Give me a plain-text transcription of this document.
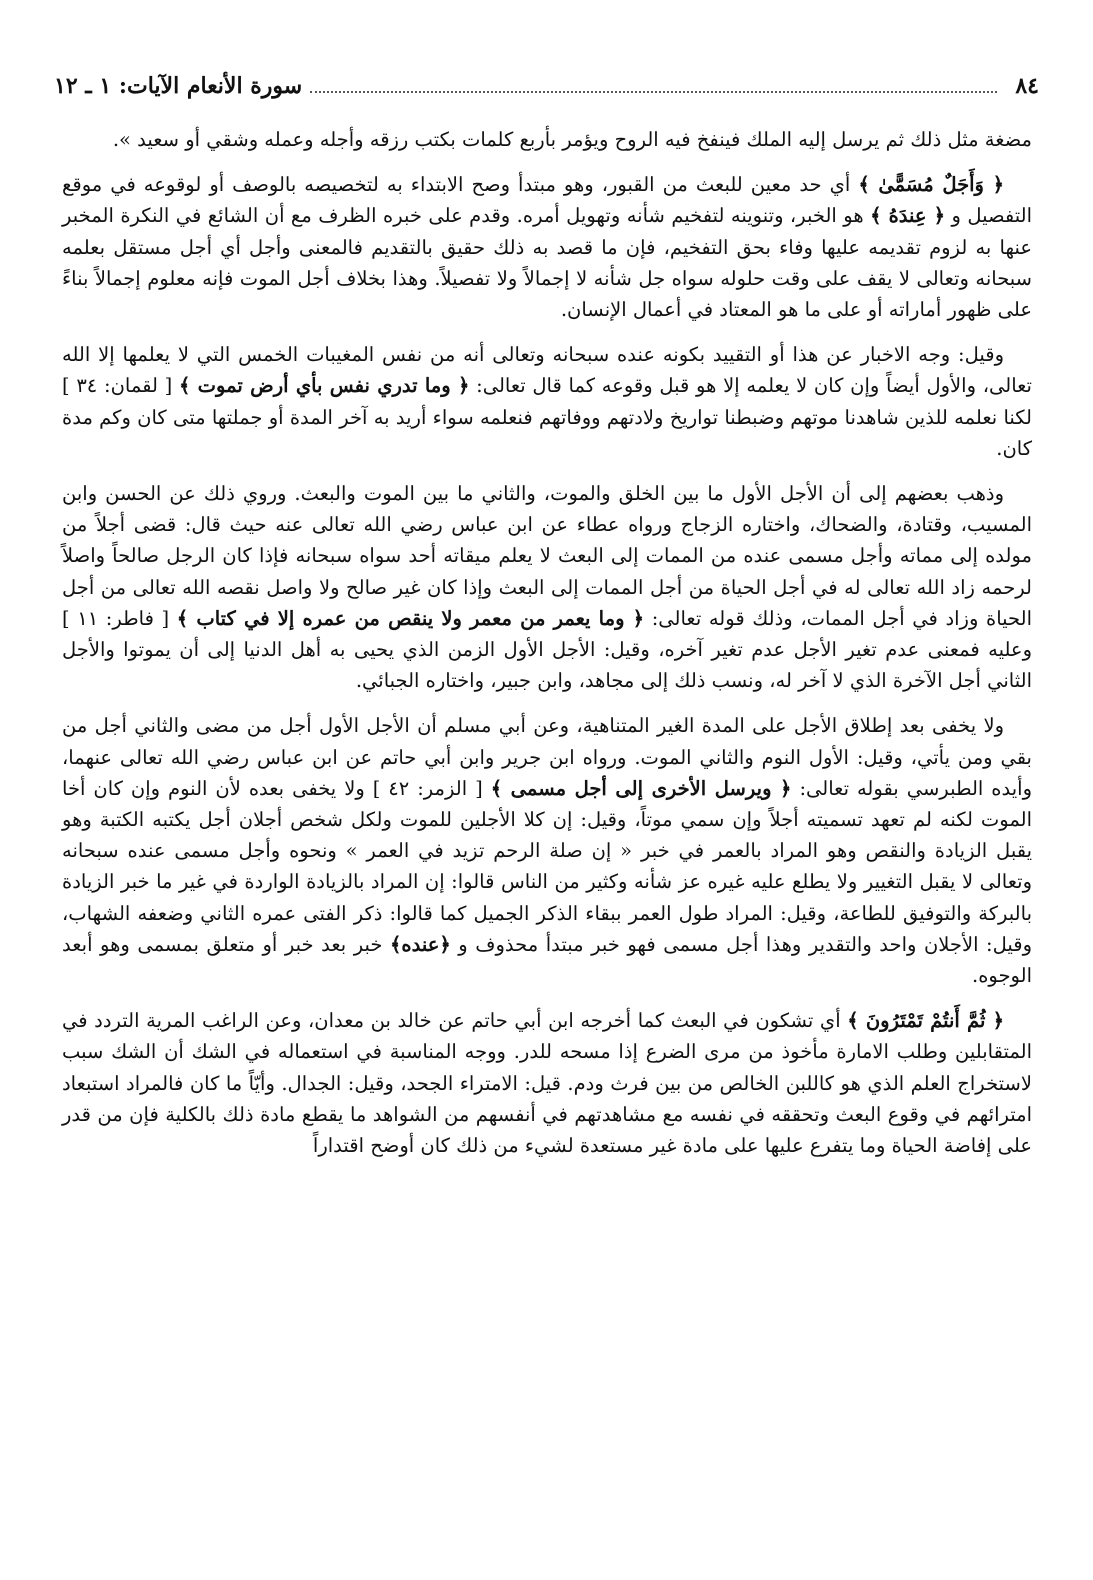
٨٤
سورة الأنعام الآيات: ١ ـ ١٢

مضغة مثل ذلك ثم يرسل إليه الملك فينفخ فيه الروح ويؤمر بأربع كلمات بكتب رزقه وأجله وعمله وشقي أو سعيد ».

﴿ وَأَجَلٌ مُسَمًّىٰ ﴾ أي حد معين للبعث من القبور، وهو مبتدأ وصح الابتداء به لتخصيصه بالوصف أو لوقوعه في موقع التفصيل و ﴿ عِندَهُ ﴾ هو الخبر، وتنوينه لتفخيم شأنه وتهويل أمره. وقدم على خبره الظرف مع أن الشائع في النكرة المخبر عنها به لزوم تقديمه عليها وفاء بحق التفخيم، فإن ما قصد به ذلك حقيق بالتقديم فالمعنى وأجل أي أجل مستقل بعلمه سبحانه وتعالى لا يقف على وقت حلوله سواه جل شأنه لا إجمالاً ولا تفصيلاً. وهذا بخلاف أجل الموت فإنه معلوم إجمالاً بناءً على ظهور أماراته أو على ما هو المعتاد في أعمال الإنسان.

وقيل: وجه الاخبار عن هذا أو التقييد بكونه عنده سبحانه وتعالى أنه من نفس المغيبات الخمس التي لا يعلمها إلا الله تعالى، والأول أيضاً وإن كان لا يعلمه إلا هو قبل وقوعه كما قال تعالى: ﴿ وما تدري نفس بأي أرض تموت ﴾ [ لقمان: ٣٤ ] لكنا نعلمه للذين شاهدنا موتهم وضبطنا تواريخ ولادتهم ووفاتهم فنعلمه سواء أريد به آخر المدة أو جملتها متى كان وكم مدة كان.

وذهب بعضهم إلى أن الأجل الأول ما بين الخلق والموت، والثاني ما بين الموت والبعث. وروي ذلك عن الحسن وابن المسيب، وقتادة، والضحاك، واختاره الزجاج ورواه عطاء عن ابن عباس رضي الله تعالى عنه حيث قال: قضى أجلاً من مولده إلى مماته وأجل مسمى عنده من الممات إلى البعث لا يعلم ميقاته أحد سواه سبحانه فإذا كان الرجل صالحاً واصلاً لرحمه زاد الله تعالى له في أجل الحياة من أجل الممات إلى البعث وإذا كان غير صالح ولا واصل نقصه الله تعالى من أجل الحياة وزاد في أجل الممات، وذلك قوله تعالى: ﴿ وما يعمر من معمر ولا ينقص من عمره إلا في كتاب ﴾ [ فاطر: ١١ ] وعليه فمعنى عدم تغير الأجل عدم تغير آخره، وقيل: الأجل الأول الزمن الذي يحيى به أهل الدنيا إلى أن يموتوا والأجل الثاني أجل الآخرة الذي لا آخر له، ونسب ذلك إلى مجاهد، وابن جبير، واختاره الجبائي.

ولا يخفى بعد إطلاق الأجل على المدة الغير المتناهية، وعن أبي مسلم أن الأجل الأول أجل من مضى والثاني أجل من بقي ومن يأتي، وقيل: الأول النوم والثاني الموت. ورواه ابن جرير وابن أبي حاتم عن ابن عباس رضي الله تعالى عنهما، وأيده الطبرسي بقوله تعالى: ﴿ ويرسل الأخرى إلى أجل مسمى ﴾ [ الزمر: ٤٢ ] ولا يخفى بعده لأن النوم وإن كان أخا الموت لكنه لم تعهد تسميته أجلاً وإن سمي موتاً، وقيل: إن كلا الأجلين للموت ولكل شخص أجلان أجل يكتبه الكتبة وهو يقبل الزيادة والنقص وهو المراد بالعمر في خبر « إن صلة الرحم تزيد في العمر » ونحوه وأجل مسمى عنده سبحانه وتعالى لا يقبل التغيير ولا يطلع عليه غيره عز شأنه وكثير من الناس قالوا: إن المراد بالزيادة الواردة في غير ما خبر الزيادة بالبركة والتوفيق للطاعة، وقيل: المراد طول العمر ببقاء الذكر الجميل كما قالوا: ذكر الفتى عمره الثاني وضعفه الشهاب، وقيل: الأجلان واحد والتقدير وهذا أجل مسمى فهو خبر مبتدأ محذوف و ﴿عنده﴾ خبر بعد خبر أو متعلق بمسمى وهو أبعد الوجوه.

﴿ ثُمَّ أَنتُمْ تَمْتَرُونَ ﴾ أي تشكون في البعث كما أخرجه ابن أبي حاتم عن خالد بن معدان، وعن الراغب المرية التردد في المتقابلين وطلب الامارة مأخوذ من مرى الضرع إذا مسحه للدر. ووجه المناسبة في استعماله في الشك أن الشك سبب لاستخراج العلم الذي هو كاللبن الخالص من بين فرث ودم. قيل: الامتراء الجحد، وقيل: الجدال. وأيّاً ما كان فالمراد استبعاد امترائهم في وقوع البعث وتحققه في نفسه مع مشاهدتهم في أنفسهم من الشواهد ما يقطع مادة ذلك بالكلية فإن من قدر على إفاضة الحياة وما يتفرع عليها على مادة غير مستعدة لشيء من ذلك كان أوضح اقتداراً
